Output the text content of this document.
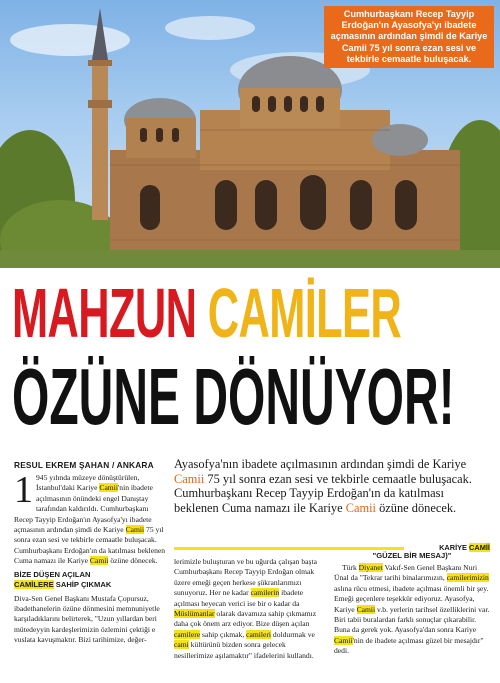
Cumhurbaşkanı Recep Tayyip Erdoğan'ın Ayasofya'yı ibadete açmasının ardından şimdi de Kariye Camii 75 yıl sonra ezan sesi ve tekbirle cemaatle buluşacak.
MAHZUN CAMİLER
ÖZÜNE DÖNÜYOR!
RESUL EKREM ŞAHAN / ANKARA

1 945 yılında müzeye dönüştürülen, İstanbul'daki Kariye Camii'nin ibadete açılmasının önündeki engel Danıştay tarafından kaldırıldı. Cumhurbaşkanı Recep Tayyip Erdoğan'ın Ayasofya'yı ibadete açmasının ardından şimdi de Kariye Camii 75 yıl sonra ezan sesi ve tekbirle cemaatle buluşacak. Cumhurbaşkanı Erdoğan'ın da katılması beklenen Cuma namazı ile Kariye Camii özüne dönecek.

BİZE DÜŞEN AÇILAN
CAMİLERE SAHİP ÇIKMAK

Diva-Sen Genel Başkanı Mustafa Çopursuz, ibadethanelerin özüne dönmesini memnuniyetle karşıladıklarını belirterek, "Uzun yıllardan beri mütedeyyin kardeşlerimizin özlemini çektiği e vuslata kavuşmaktır. Bizi tarihimize, değer-

Ayasofya'nın ibadete açılmasının ardından şimdi de Kariye Camii 75 yıl sonra ezan sesi ve tekbirle cemaatle buluşacak. Cumhurbaşkanı Recep Tayyip Erdoğan'ın da katılması beklenen Cuma namazı ile Kariye Camii özüne dönecek.
KARİYE CAMİİ

lerimizle buluşturan ve bu uğurda çalışan başta Cumhurbaşkanı Recep Tayyip Erdoğan olmak üzere emeği geçen herkese şükranlarımızı sunuyoruz. Her ne kadar camilerin ibadete açılması heyecan verici ise bir o kadar da Müslümanlar olarak davamıza sahip çıkmamız daha çok önem arz ediyor. Bize düşen açılan camilere sahip çıkmak, camileri doldurmak ve cami kültürünü bizden sonra gelecek nesillerimize aşılamaktır" ifadelerini kullandı.

"GÜZEL BİR MESAJ)"

Türk Diyanet Vakıf-Sen Genel Başkanı Nuri Ünal da "Tekrar tarihi binalarımızın, camilerimizin aslına rücu etmesi, ibadete açılması önemli bir şey. Emeği geçenlere teşekkür ediyoruz. Ayasofya, Kariye Camii v.b. yerlerin tarihsel özelliklerini var. Biri tabii buralardan farklı sonuçlar çıkarabilir. Buna da gerek yok. Ayasofya'dan sonra Kariye Camii'nin de ibadete açılması güzel bir mesajdır" dedi.
